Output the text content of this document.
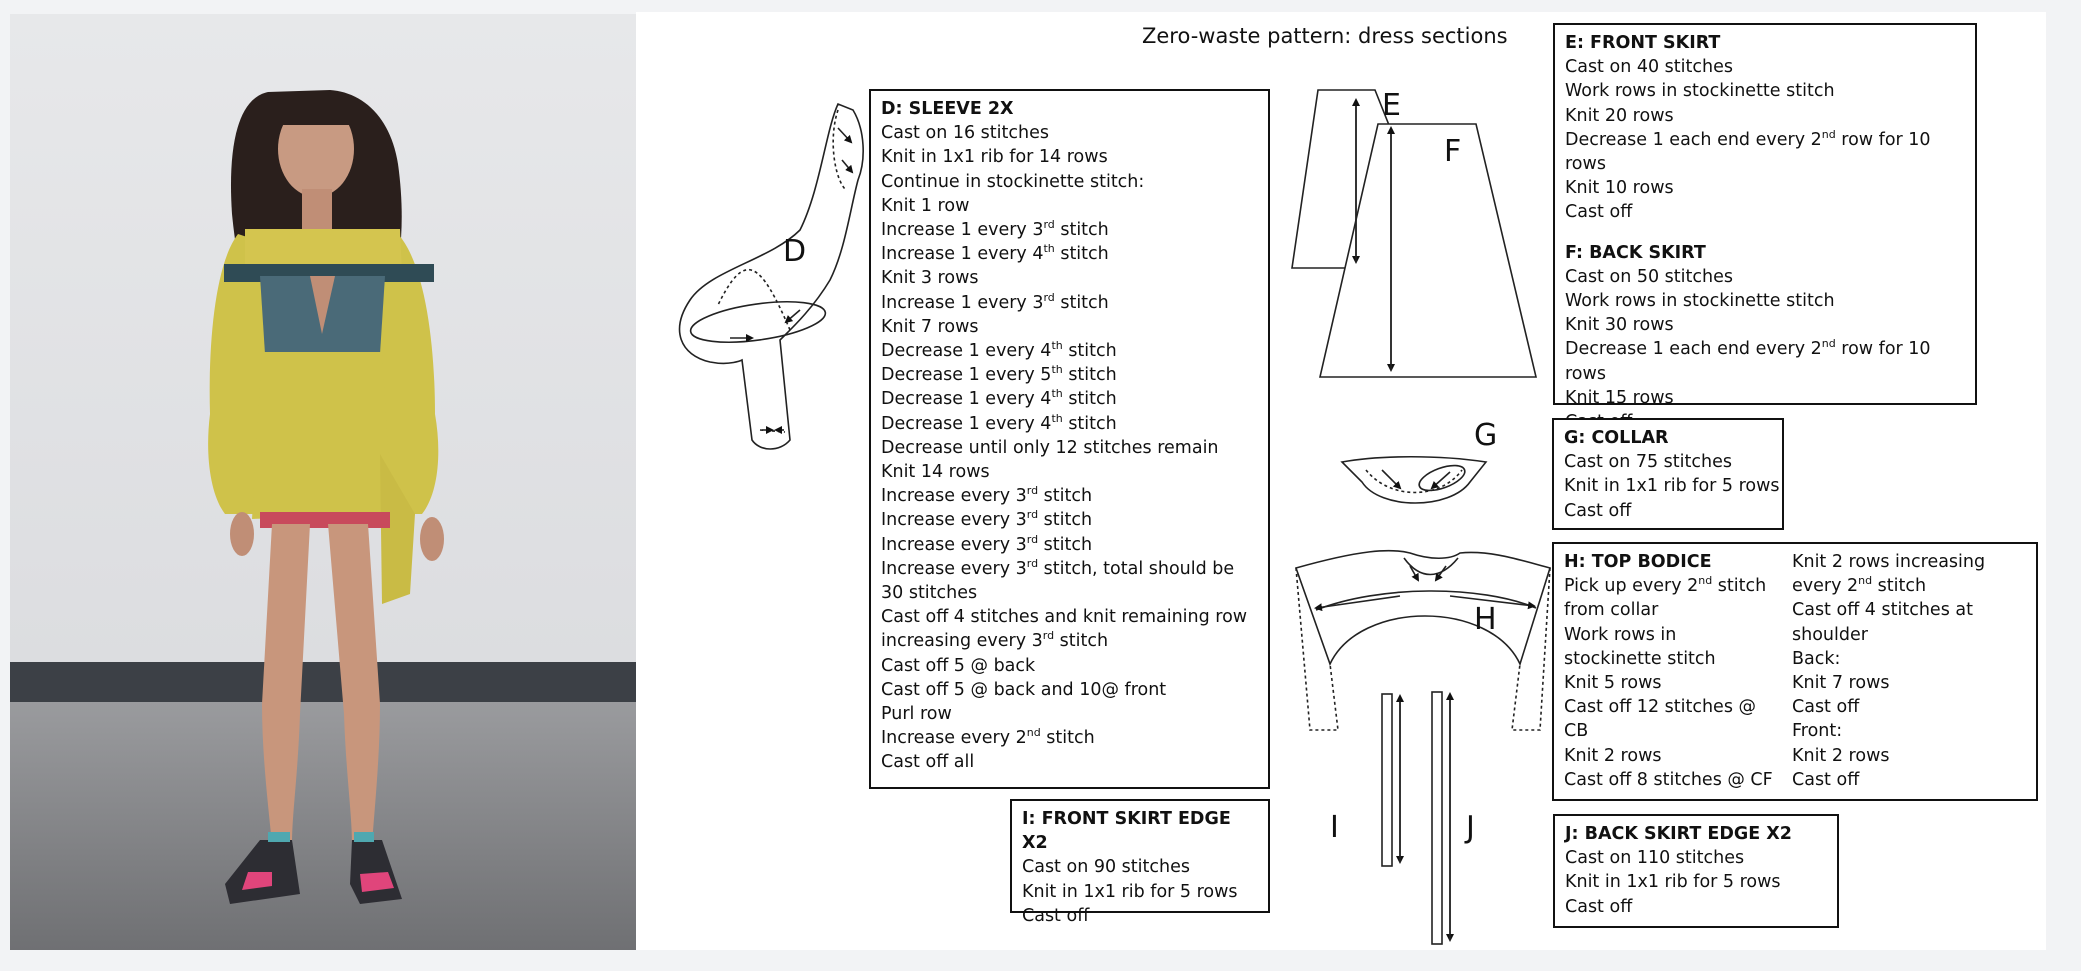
Zero-waste pattern: dress sections
D
E
F
G
H
I	J
D: SLEEVE 2X
Cast on 16 stitches
Knit in 1x1 rib for 14 rows
Continue in stockinette stitch:
Knit 1 row
Increase 1 every 3rd stitch
Increase 1 every 4th stitch
Knit 3 rows
Increase 1 every 3rd stitch
Knit 7 rows
Decrease 1 every 4th stitch
Decrease 1 every 5th stitch
Decrease 1 every 4th stitch
Decrease 1 every 4th stitch
Decrease until only 12 stitches remain
Knit 14 rows
Increase every 3rd stitch
Increase every 3rd stitch
Increase every 3rd stitch
Increase every 3rd stitch, total should be 30 stitches
Cast off 4 stitches and knit remaining row increasing every 3rd stitch
Cast off 5 @ back
Cast off 5 @ back and 10@ front
Purl row
Increase every 2nd stitch
Cast off all
E: FRONT SKIRT
Cast on 40 stitches
Work rows in stockinette stitch
Knit 20 rows
Decrease 1 each end every 2nd row for 10 rows
Knit 10 rows
Cast off
F: BACK SKIRT
Cast on 50 stitches
Work rows in stockinette stitch
Knit 30 rows
Decrease 1 each end every 2nd row for 10 rows
Knit 15 rows
G: COLLAR
Cast on 75 stitches
Knit in 1x1 rib for 5 rows
Cast off
H: TOP BODICE
Pick up every 2nd stitch from collar
Work rows in stockinette stitch
Knit 5 rows
Cast off 12 stitches @ CB
Knit 2 rows
Cast off 8 stitches @ CF
Knit 2 rows increasing every 2nd stitch
Cast off 4 stitches at shoulder
Back:
Knit 7 rows
Cast off
Front:
Knit 2 rows
Cast off
I: FRONT SKIRT EDGE X2
Cast on 90 stitches
Knit in 1x1 rib for 5 rows
Cast off
J: BACK SKIRT EDGE X2
Cast on 110 stitches
Knit in 1x1 rib for 5 rows
Cast off
